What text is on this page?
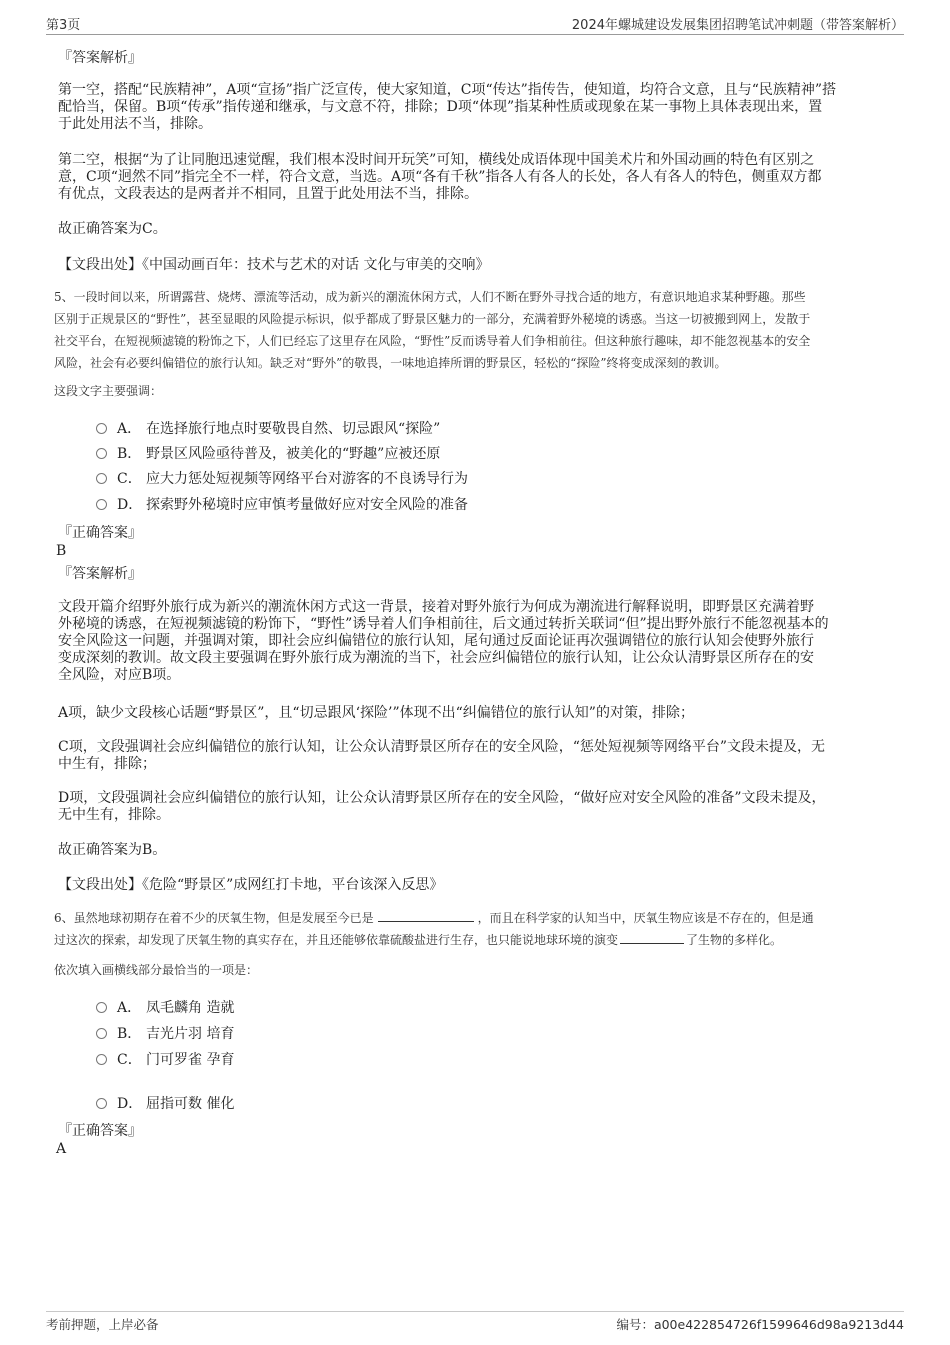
第3页	2024年螺城建设发展集团招聘笔试冲刺题（带答案解析）
『答案解析』
第一空，搭配“民族精神”，A项“宣扬”指广泛宣传，使大家知道，C项“传达”指传告，使知道，均符合文意，且与“民族精神”搭
配恰当，保留。B项“传承”指传递和继承，与文意不符，排除；D项“体现”指某种性质或现象在某一事物上具体表现出来，置
于此处用法不当，排除。
第二空，根据“为了让同胞迅速觉醒，我们根本没时间开玩笑”可知，横线处成语体现中国美术片和外国动画的特色有区别之
意，C项“迥然不同”指完全不一样，符合文意，当选。A项“各有千秋”指各人有各人的长处，各人有各人的特色，侧重双方都
有优点，文段表达的是两者并不相同，且置于此处用法不当，排除。
故正确答案为C。
【文段出处】《中国动画百年：技术与艺术的对话 文化与审美的交响》
5、一段时间以来，所谓露营、烧烤、漂流等活动，成为新兴的潮流休闲方式，人们不断在野外寻找合适的地方，有意识地追求某种野趣。那些
区别于正规景区的“野性”，甚至显眼的风险提示标识，似乎都成了野景区魅力的一部分，充满着野外秘境的诱惑。当这一切被搬到网上，发散于
社交平台，在短视频滤镜的粉饰之下，人们已经忘了这里存在风险，“野性”反而诱导着人们争相前往。但这种旅行趣味，却不能忽视基本的安全
风险，社会有必要纠偏错位的旅行认知。缺乏对“野外”的敬畏，一味地追捧所谓的野景区，轻松的“探险”终将变成深刻的教训。
这段文字主要强调：
A． 在选择旅行地点时要敬畏自然、切忌跟风“探险”
B． 野景区风险亟待普及，被美化的“野趣”应被还原
C． 应大力惩处短视频等网络平台对游客的不良诱导行为
D． 探索野外秘境时应审慎考量做好应对安全风险的准备
『正确答案』
B
『答案解析』
文段开篇介绍野外旅行成为新兴的潮流休闲方式这一背景，接着对野外旅行为何成为潮流进行解释说明，即野景区充满着野
外秘境的诱惑，在短视频滤镜的粉饰下，“野性”诱导着人们争相前往，后文通过转折关联词“但”提出野外旅行不能忽视基本的
安全风险这一问题，并强调对策，即社会应纠偏错位的旅行认知，尾句通过反面论证再次强调错位的旅行认知会使野外旅行
变成深刻的教训。故文段主要强调在野外旅行成为潮流的当下，社会应纠偏错位的旅行认知，让公众认清野景区所存在的安
全风险，对应B项。
A项，缺少文段核心话题“野景区”，且“切忌跟风‘探险’”体现不出“纠偏错位的旅行认知”的对策，排除；
C项，文段强调社会应纠偏错位的旅行认知，让公众认清野景区所存在的安全风险，“惩处短视频等网络平台”文段未提及，无
中生有，排除；
D项，文段强调社会应纠偏错位的旅行认知，让公众认清野景区所存在的安全风险，“做好应对安全风险的准备”文段未提及，
无中生有，排除。
故正确答案为B。
【文段出处】《危险“野景区”成网红打卡地，平台该深入反思》
6、虽然地球初期存在着不少的厌氧生物，但是发展至今已是	，而且在科学家的认知当中，厌氧生物应该是不存在的，但是通
过这次的探索，却发现了厌氧生物的真实存在，并且还能够依靠硫酸盐进行生存，也只能说地球环境的演变	了生物的多样化。
依次填入画横线部分最恰当的一项是：
A． 凤毛麟角 造就
B． 吉光片羽 培育
C． 门可罗雀 孕育
D． 屈指可数 催化
『正确答案』
A
考前押题，上岸必备	编号：a00e422854726f1599646d98a9213d44
